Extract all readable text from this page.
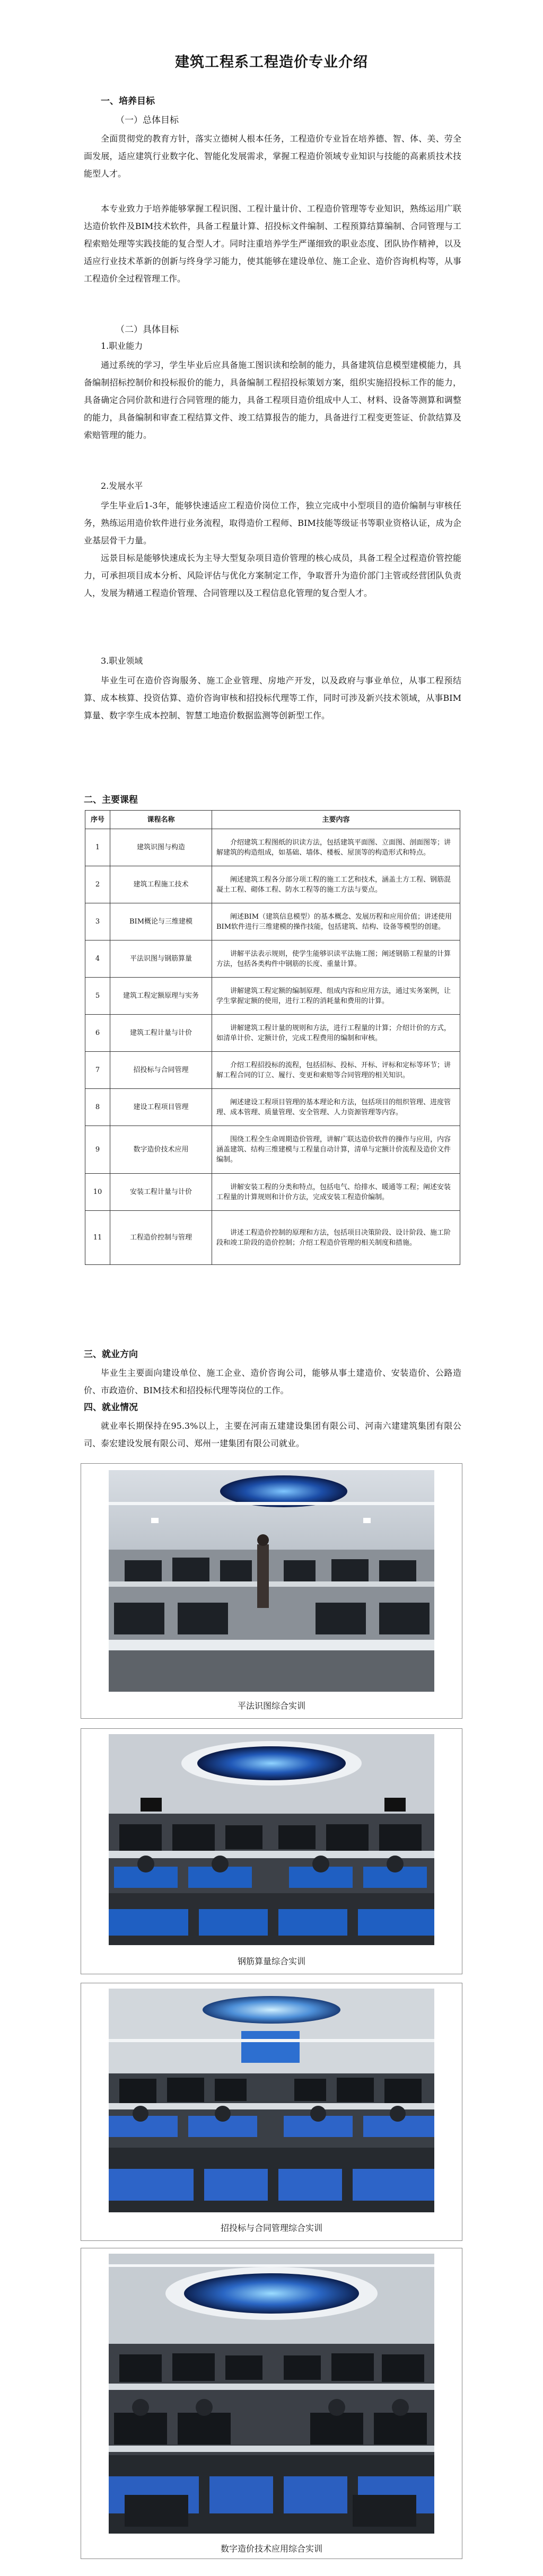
建筑工程系工程造价专业介绍

一、培养目标

（一）总体目标

全面贯彻党的教育方针，落实立德树人根本任务，工程造价专业旨在培养德、智、体、美、劳全面发展，适应建筑行业数字化、智能化发展需求，掌握工程造价领域专业知识与技能的高素质技术技能型人才。

本专业致力于培养能够掌握工程识图、工程计量计价、工程造价管理等专业知识，熟练运用广联达造价软件及BIM技术软件，具备工程量计算、招投标文件编制、工程预算结算编制、合同管理与工程索赔处理等实践技能的复合型人才。同时注重培养学生严谨细致的职业态度、团队协作精神，以及适应行业技术革新的创新与终身学习能力，使其能够在建设单位、施工企业、造价咨询机构等，从事工程造价全过程管理工作。

（二）具体目标

1.职业能力

通过系统的学习，学生毕业后应具备施工图识读和绘制的能力，具备建筑信息模型建模能力，具备编制招标控制价和投标报价的能力，具备编制工程招投标策划方案，组织实施招投标工作的能力，具备确定合同价款和进行合同管理的能力，具备工程项目造价组成中人工、材料、设备等测算和调整的能力，具备编制和审查工程结算文件、竣工结算报告的能力，具备进行工程变更签证、价款结算及索赔管理的能力。

2.发展水平

学生毕业后1-3年，能够快速适应工程造价岗位工作，独立完成中小型项目的造价编制与审核任务，熟练运用造价软件进行业务流程，取得造价工程师、BIM技能等级证书等职业资格认证，成为企业基层骨干力量。

远景目标是能够快速成长为主导大型复杂项目造价管理的核心成员，具备工程全过程造价管控能力，可承担项目成本分析、风险评估与优化方案制定工作，争取晋升为造价部门主管或经营团队负责人，发展为精通工程造价管理、合同管理以及工程信息化管理的复合型人才。

3.职业领域

毕业生可在造价咨询服务、施工企业管理、房地产开发，以及政府与事业单位，从事工程预结算、成本核算、投资估算、造价咨询审核和招投标代理等工作，同时可涉及新兴技术领域，从事BIM算量、数字孪生成本控制、智慧工地造价数据监测等创新型工作。

二、主要课程

序号	课程名称	主要内容
1	建筑识图与构造	介绍建筑工程图纸的识读方法，包括建筑平面图、立面图、剖面图等；讲解建筑的构造组成，如基础、墙体、楼板、屋顶等的构造形式和特点。
2	建筑工程施工技术	阐述建筑工程各分部分项工程的施工工艺和技术，涵盖土方工程、钢筋混凝土工程、砌体工程、防水工程等的施工方法与要点。
3	BIM概论与三维建模	阐述BIM（建筑信息模型）的基本概念、发展历程和应用价值；讲述使用BIM软件进行三维建模的操作技能，包括建筑、结构、设备等模型的创建。
4	平法识图与钢筋算量	讲解平法表示规则，使学生能够识读平法施工图；阐述钢筋工程量的计算方法，包括各类构件中钢筋的长度、重量计算。
5	建筑工程定额原理与实务	讲解建筑工程定额的编制原理、组成内容和应用方法，通过实务案例，让学生掌握定额的使用，进行工程的消耗量和费用的计算。
6	建筑工程计量与计价	讲解建筑工程计量的规则和方法，进行工程量的计算；介绍计价的方式，如清单计价、定额计价，完成工程费用的编制和审核。
7	招投标与合同管理	介绍工程招投标的流程，包括招标、投标、开标、评标和定标等环节；讲解工程合同的订立、履行、变更和索赔等合同管理的相关知识。
8	建设工程项目管理	阐述建设工程项目管理的基本理论和方法，包括项目的组织管理、进度管理、成本管理、质量管理、安全管理、人力资源管理等内容。
9	数字造价技术应用	围绕工程全生命周期造价管理，讲解广联达造价软件的操作与应用，内容涵盖建筑、结构三维建模与工程量自动计算，清单与定额计价流程及造价文件编制。
10	安装工程计量与计价	讲解安装工程的分类和特点，包括电气、给排水、暖通等工程；阐述安装工程量的计算规则和计价方法，完成安装工程造价编制。
11	工程造价控制与管理	讲述工程造价控制的原理和方法，包括项目决策阶段、设计阶段、施工阶段和竣工阶段的造价控制；介绍工程造价管理的相关制度和措施。

三、就业方向

毕业生主要面向建设单位、施工企业、造价咨询公司，能够从事土建造价、安装造价、公路造价、市政造价、BIM技术和招投标代理等岗位的工作。

四、就业情况

就业率长期保持在95.3%以上，主要在河南五建建设集团有限公司、河南六建建筑集团有限公司、泰宏建设发展有限公司、郑州一建集团有限公司就业。

平法识图综合实训
钢筋算量综合实训
招投标与合同管理综合实训
数字造价技术应用综合实训
